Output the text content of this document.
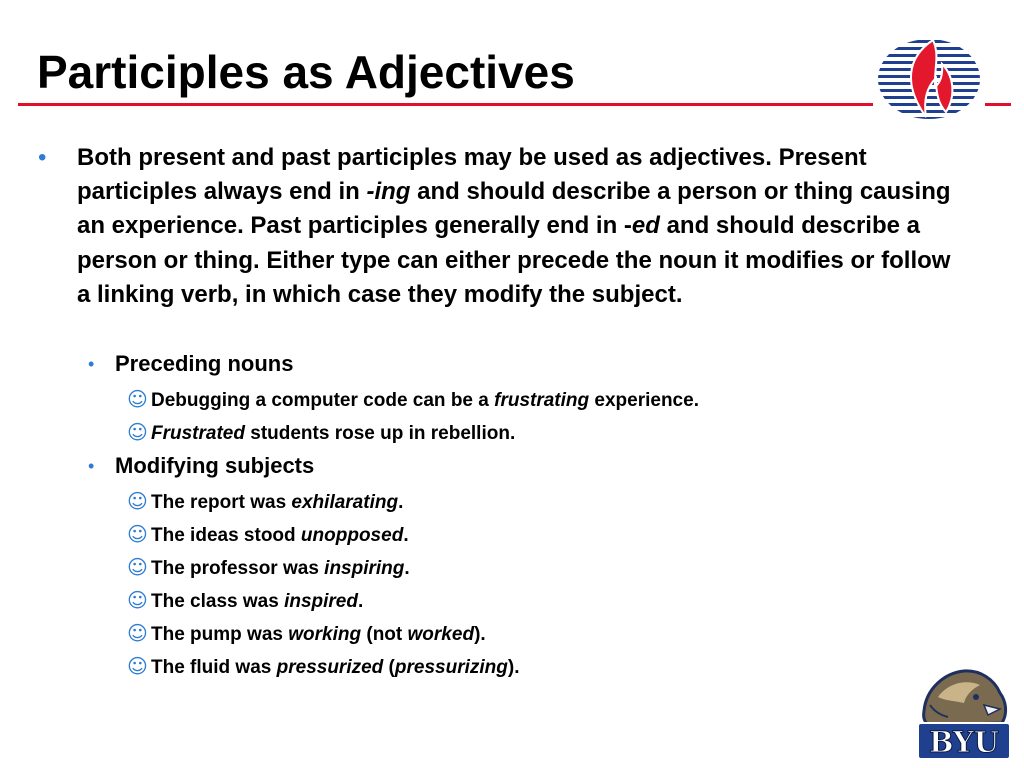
Participles as Adjectives
• Both present and past participles may be used as adjectives. Present participles always end in -ing and should describe a person or thing causing an experience. Past participles generally end in -ed and should describe a person or thing. Either type can either precede the noun it modifies or follow a linking verb, in which case they modify the subject.
• Preceding nouns
☺ Debugging a computer code can be a frustrating experience.
☺ Frustrated students rose up in rebellion.
• Modifying subjects
☺ The report was exhilarating.
☺ The ideas stood unopposed.
☺ The professor was inspiring.
☺ The class was inspired.
☺ The pump was working (not worked).
☺ The fluid was pressurized (pressurizing).
BYU
